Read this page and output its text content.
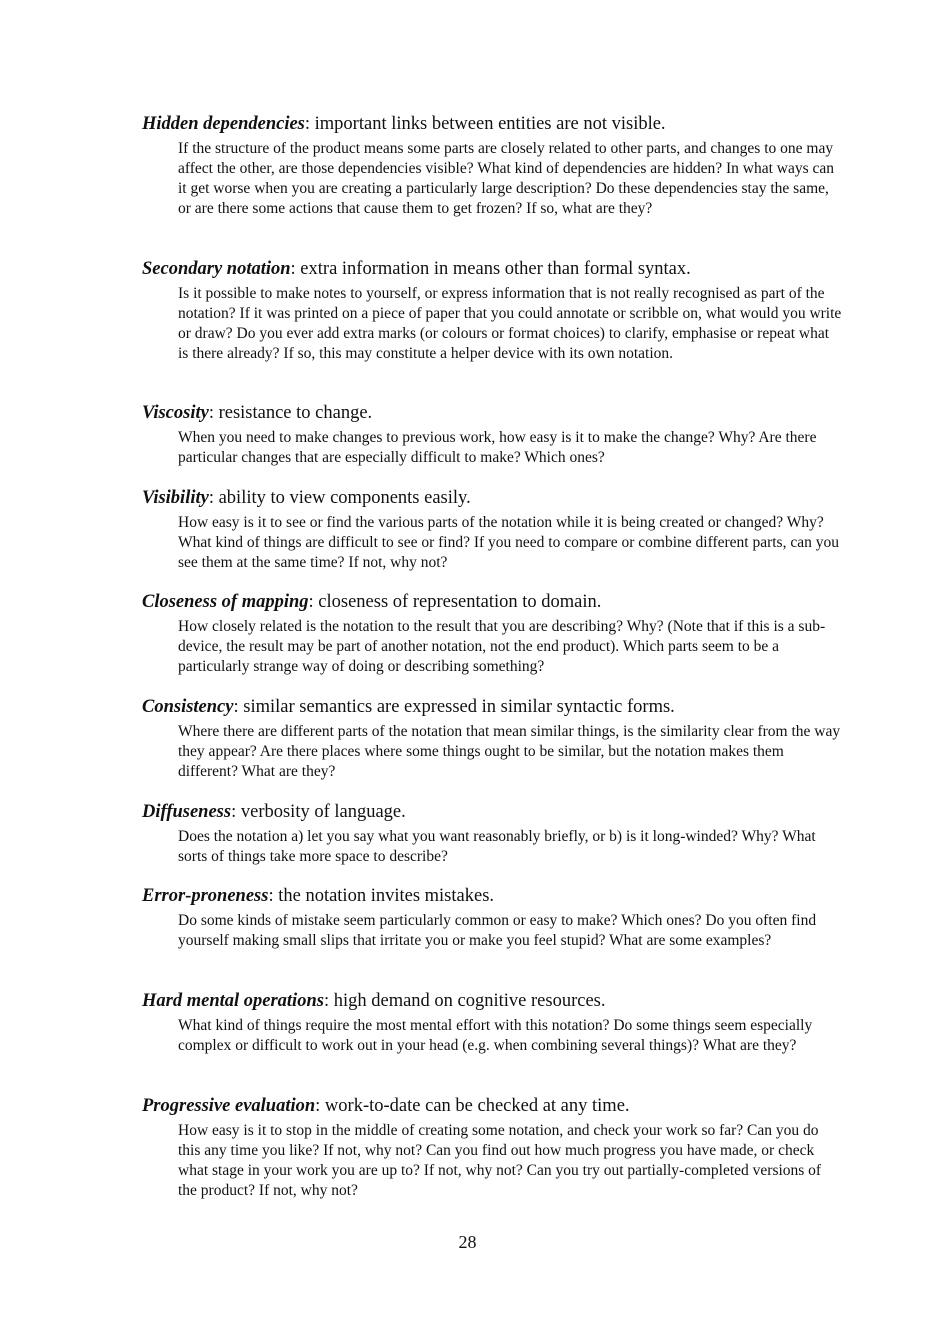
Hidden dependencies: important links between entities are not visible.

If the structure of the product means some parts are closely related to other parts, and changes to one may affect the other, are those dependencies visible? What kind of dependencies are hidden? In what ways can it get worse when you are creating a particularly large description? Do these dependencies stay the same, or are there some actions that cause them to get frozen? If so, what are they?

Secondary notation: extra information in means other than formal syntax.

Is it possible to make notes to yourself, or express information that is not really recognised as part of the notation? If it was printed on a piece of paper that you could annotate or scribble on, what would you write or draw? Do you ever add extra marks (or colours or format choices) to clarify, emphasise or repeat what is there already? If so, this may constitute a helper device with its own notation.

Viscosity: resistance to change.

When you need to make changes to previous work, how easy is it to make the change? Why? Are there particular changes that are especially difficult to make? Which ones?

Visibility: ability to view components easily.

How easy is it to see or find the various parts of the notation while it is being created or changed? Why? What kind of things are difficult to see or find? If you need to compare or combine different parts, can you see them at the same time? If not, why not?

Closeness of mapping: closeness of representation to domain.

How closely related is the notation to the result that you are describing? Why? (Note that if this is a sub-device, the result may be part of another notation, not the end product). Which parts seem to be a particularly strange way of doing or describing something?

Consistency: similar semantics are expressed in similar syntactic forms.

Where there are different parts of the notation that mean similar things, is the similarity clear from the way they appear? Are there places where some things ought to be similar, but the notation makes them different? What are they?

Diffuseness: verbosity of language.

Does the notation a) let you say what you want reasonably briefly, or b) is it long-winded? Why? What sorts of things take more space to describe?

Error-proneness: the notation invites mistakes.

Do some kinds of mistake seem particularly common or easy to make? Which ones? Do you often find yourself making small slips that irritate you or make you feel stupid? What are some examples?

Hard mental operations: high demand on cognitive resources.

What kind of things require the most mental effort with this notation? Do some things seem especially complex or difficult to work out in your head (e.g. when combining several things)? What are they?

Progressive evaluation: work-to-date can be checked at any time.

How easy is it to stop in the middle of creating some notation, and check your work so far? Can you do this any time you like? If not, why not? Can you find out how much progress you have made, or check what stage in your work you are up to? If not, why not? Can you try out partially-completed versions of the product? If not, why not?

28
